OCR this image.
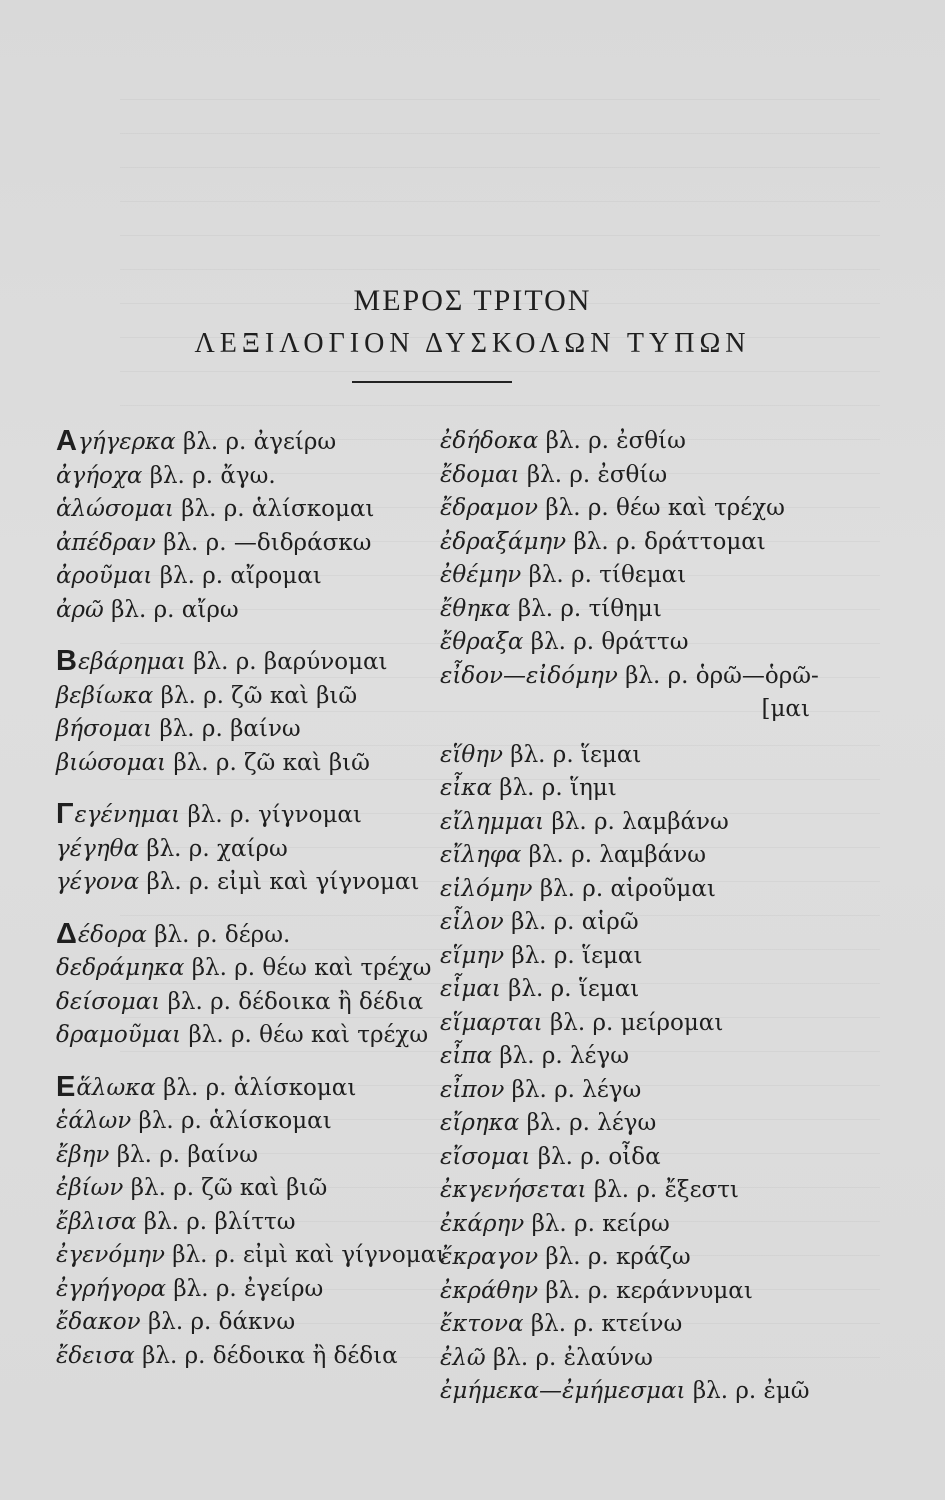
ΜΕΡΟΣ ΤΡΙΤΟΝ
ΛΕΞΙΛΟΓΙΟΝ ΔΥΣΚΟΛΩΝ ΤΥΠΩΝ
Αγήγερκα βλ. ρ. ἀγείρω
ἀγήοχα βλ. ρ. ἄγω.
ἁλώσομαι βλ. ρ. ἁλίσκομαι
ἀπέδραν βλ. ρ. —διδράσκω
ἀροῦμαι βλ. ρ. αἴρομαι
ἀρῶ βλ. ρ. αἴρω
Βεβάρημαι βλ. ρ. βαρύνομαι
βεβίωκα βλ. ρ. ζῶ καὶ βιῶ
βήσομαι βλ. ρ. βαίνω
βιώσομαι βλ. ρ. ζῶ καὶ βιῶ
Γεγένημαι βλ. ρ. γίγνομαι
γέγηθα βλ. ρ. χαίρω
γέγονα βλ. ρ. εἰμὶ καὶ γίγνομαι
Δέδορα βλ. ρ. δέρω.
δεδράμηκα βλ. ρ. θέω καὶ τρέχω
δείσομαι βλ. ρ. δέδοικα ἢ δέδια
δραμοῦμαι βλ. ρ. θέω καὶ τρέχω
Εἅλωκα βλ. ρ. ἁλίσκομαι
ἑάλων βλ. ρ. ἁλίσκομαι
ἔβην βλ. ρ. βαίνω
ἐβίων βλ. ρ. ζῶ καὶ βιῶ
ἔβλισα βλ. ρ. βλίττω
ἐγενόμην βλ. ρ. εἰμὶ καὶ γίγνομαι
ἐγρήγορα βλ. ρ. ἐγείρω
ἔδακον βλ. ρ. δάκνω
ἔδεισα βλ. ρ. δέδοικα ἢ δέδια
ἐδήδοκα βλ. ρ. ἐσθίω
ἔδομαι βλ. ρ. ἐσθίω
ἔδραμον βλ. ρ. θέω καὶ τρέχω
ἐδραξάμην βλ. ρ. δράττομαι
ἐθέμην βλ. ρ. τίθεμαι
ἔθηκα βλ. ρ. τίθημι
ἔθραξα βλ. ρ. θράττω
εἶδον—εἰδόμην βλ. ρ. ὁρῶ—ὁρῶ-
[μαι
εἵθην βλ. ρ. ἵεμαι
εἶκα βλ. ρ. ἵημι
εἴλημμαι βλ. ρ. λαμβάνω
εἴληφα βλ. ρ. λαμβάνω
εἱλόμην βλ. ρ. αἱροῦμαι
εἷλον βλ. ρ. αἱρῶ
εἵμην βλ. ρ. ἵεμαι
εἷμαι βλ. ρ. ἵεμαι
εἵμαρται βλ. ρ. μείρομαι
εἶπα βλ. ρ. λέγω
εἶπον βλ. ρ. λέγω
εἴρηκα βλ. ρ. λέγω
εἴσομαι βλ. ρ. οἶδα
ἐκγενήσεται βλ. ρ. ἔξεστι
ἐκάρην βλ. ρ. κείρω
ἔκραγον βλ. ρ. κράζω
ἐκράθην βλ. ρ. κεράννυμαι
ἔκτονα βλ. ρ. κτείνω
ἐλῶ βλ. ρ. ἐλαύνω
ἐμήμεκα—ἐμήμεσμαι βλ. ρ. ἐμῶ
